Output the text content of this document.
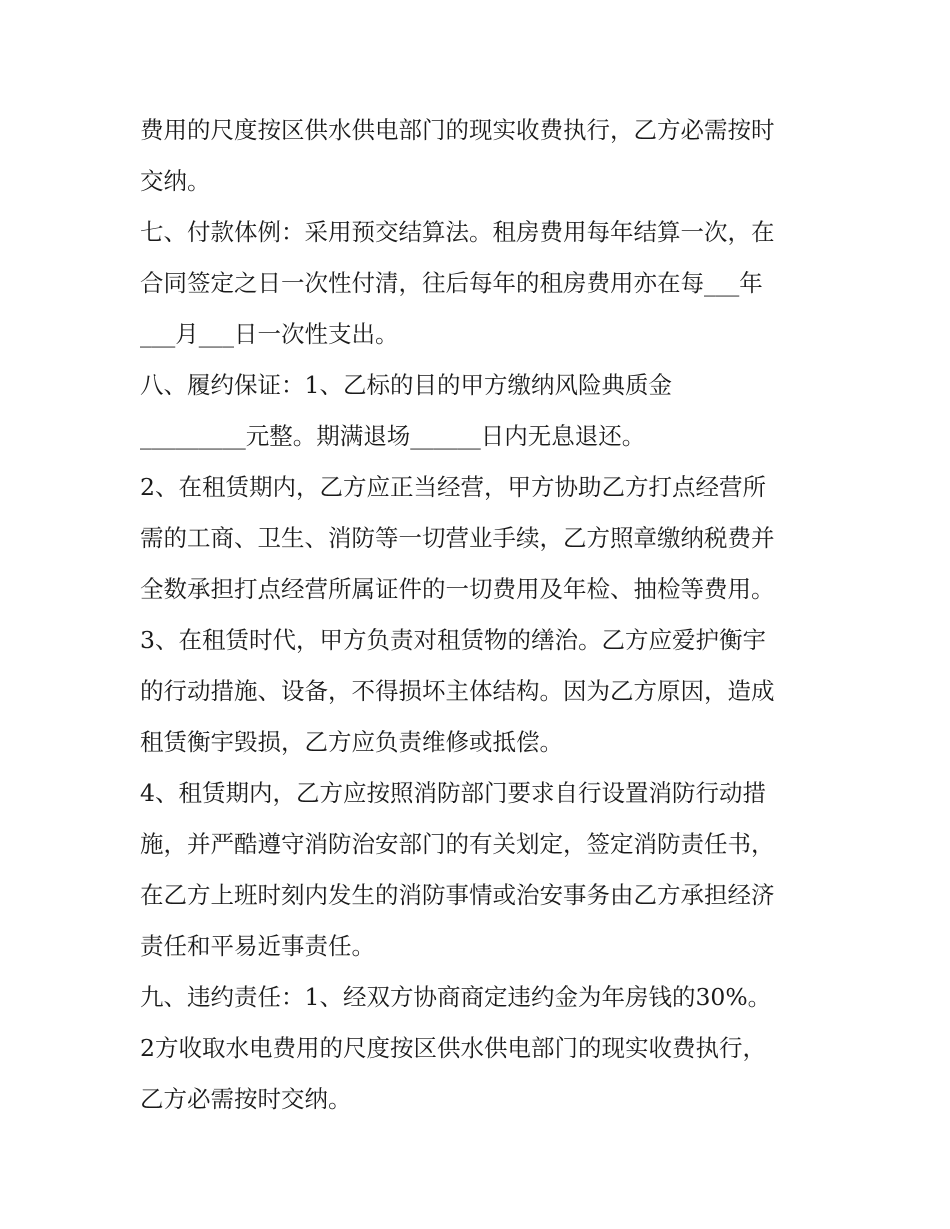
费用的尺度按区供水供电部门的现实收费执行，乙方必需按时
交纳。
七、付款体例：采用预交结算法。租房费用每年结算一次，在
合同签定之日一次性付清，往后每年的租房费用亦在每___年
___月___日一次性支出。
八、履约保证：1、乙标的目的甲方缴纳风险典质金
_________元整。期满退场______日内无息退还。
2、在租赁期内，乙方应正当经营，甲方协助乙方打点经营所
需的工商、卫生、消防等一切营业手续，乙方照章缴纳税费并
全数承担打点经营所属证件的一切费用及年检、抽检等费用。
3、在租赁时代，甲方负责对租赁物的缮治。乙方应爱护衡宇
的行动措施、设备，不得损坏主体结构。因为乙方原因，造成
租赁衡宇毁损，乙方应负责维修或抵偿。
4、租赁期内，乙方应按照消防部门要求自行设置消防行动措
施，并严酷遵守消防治安部门的有关划定，签定消防责任书，
在乙方上班时刻内发生的消防事情或治安事务由乙方承担经济
责任和平易近事责任。
九、违约责任：1、经双方协商商定违约金为年房钱的30%。
2方收取水电费用的尺度按区供水供电部门的现实收费执行，
乙方必需按时交纳。
